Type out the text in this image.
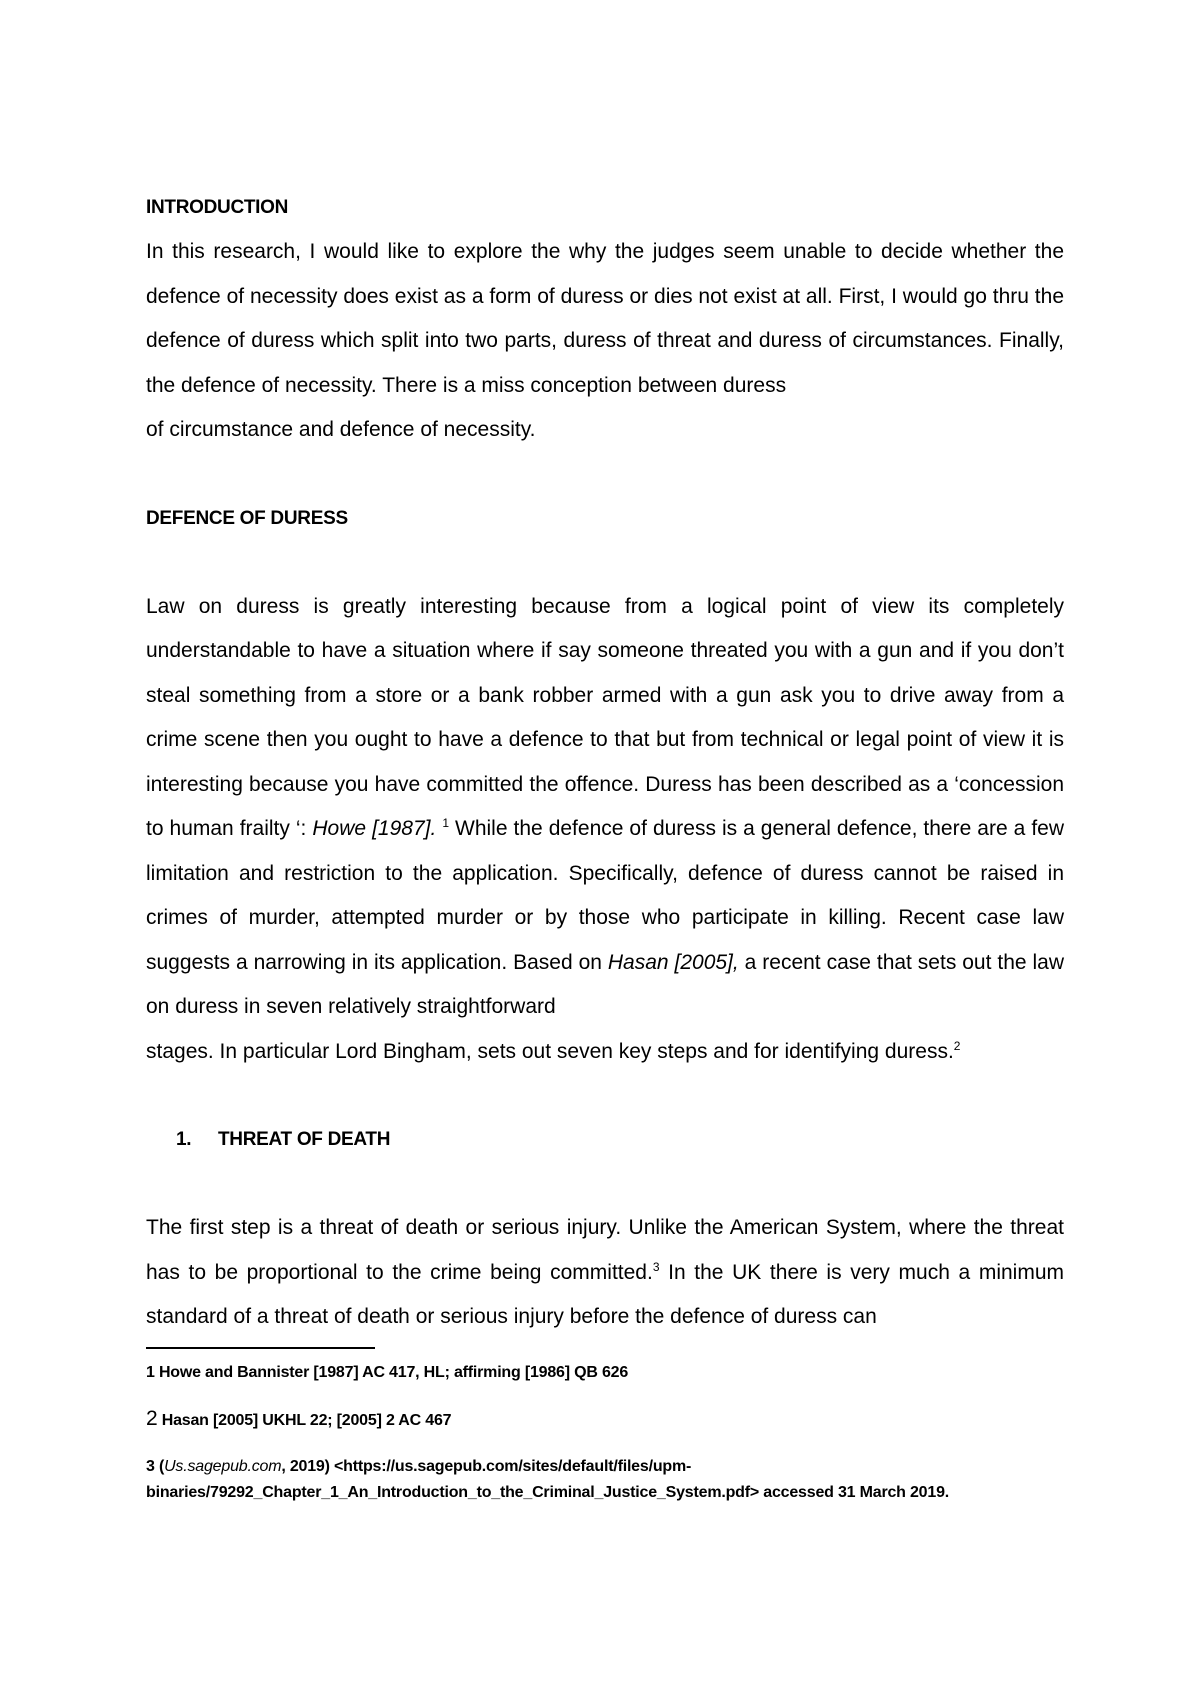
INTRODUCTION

In this research, I would like to explore the why the judges seem unable to decide whether the defence of necessity does exist as a form of duress or dies not exist at all. First, I would go thru the defence of duress which split into two parts, duress of threat and duress of circumstances. Finally, the defence of necessity. There is a miss conception between duress
of circumstance and defence of necessity.

DEFENCE OF DURESS

Law on duress is greatly interesting because from a logical point of view its completely understandable to have a situation where if say someone threated you with a gun and if you don’t steal something from a store or a bank robber armed with a gun ask you to drive away from a crime scene then you ought to have a defence to that but from technical or legal point of view it is interesting because you have committed the offence. Duress has been described as a ‘concession to human frailty ‘: Howe [1987]. $^1$ While the defence of duress is a general defence, there are a few limitation and restriction to the application. Specifically, defence of duress cannot be raised in crimes of murder, attempted murder or by those who participate in killing. Recent case law suggests a narrowing in its application. Based on Hasan [2005], a recent case that sets out the law on duress in seven relatively straightforward
stages. In particular Lord Bingham, sets out seven key steps and for identifying duress.$^2$

1. THREAT OF DEATH

The first step is a threat of death or serious injury. Unlike the American System, where the threat has to be proportional to the crime being committed.$^3$ In the UK there is very much a minimum standard of a threat of death or serious injury before the defence of duress can

1 Howe and Bannister [1987] AC 417, HL; affirming [1986] QB 626

2 Hasan [2005] UKHL 22; [2005] 2 AC 467

3 (Us.sagepub.com, 2019) <https://us.sagepub.com/sites/default/files/upm-binaries/79292_Chapter_1_An_Introduction_to_the_Criminal_Justice_System.pdf> accessed 31 March 2019.
